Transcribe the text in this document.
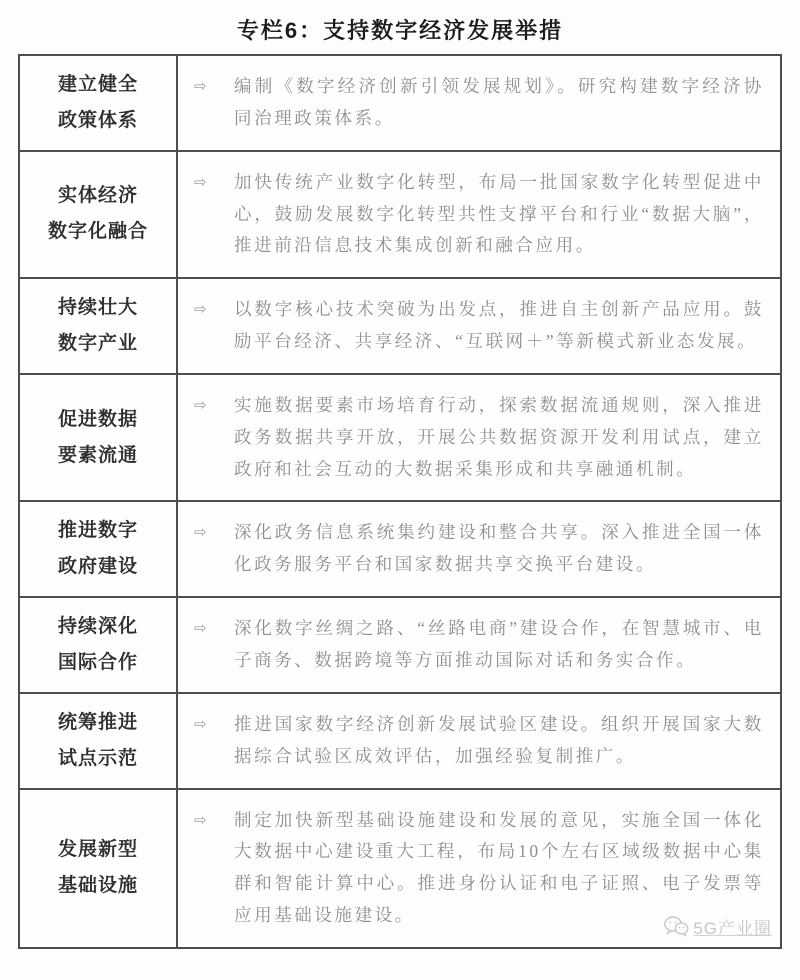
专栏6：支持数字经济发展举措
建立健全
政策体系

⇨	编制《数字经济创新引领发展规划》。研究构建数字经济协同治理政策体系。

实体经济
数字化融合

⇨	加快传统产业数字化转型，布局一批国家数字化转型促进中心，鼓励发展数字化转型共性支撑平台和行业“数据大脑”，推进前沿信息技术集成创新和融合应用。

持续壮大
数字产业

⇨	以数字核心技术突破为出发点，推进自主创新产品应用。鼓励平台经济、共享经济、“互联网＋”等新模式新业态发展。

促进数据
要素流通

⇨	实施数据要素市场培育行动，探索数据流通规则，深入推进政务数据共享开放，开展公共数据资源开发利用试点，建立政府和社会互动的大数据采集形成和共享融通机制。

推进数字
政府建设

⇨	深化政务信息系统集约建设和整合共享。深入推进全国一体化政务服务平台和国家数据共享交换平台建设。

持续深化
国际合作

⇨	深化数字丝绸之路、“丝路电商”建设合作，在智慧城市、电子商务、数据跨境等方面推动国际对话和务实合作。

统筹推进
试点示范

⇨	推进国家数字经济创新发展试验区建设。组织开展国家大数据综合试验区成效评估，加强经验复制推广。

发展新型
基础设施

⇨	制定加快新型基础设施建设和发展的意见，实施全国一体化大数据中心建设重大工程，布局10个左右区域级数据中心集群和智能计算中心。推进身份认证和电子证照、电子发票等应用基础设施建设。
5G产业圈
